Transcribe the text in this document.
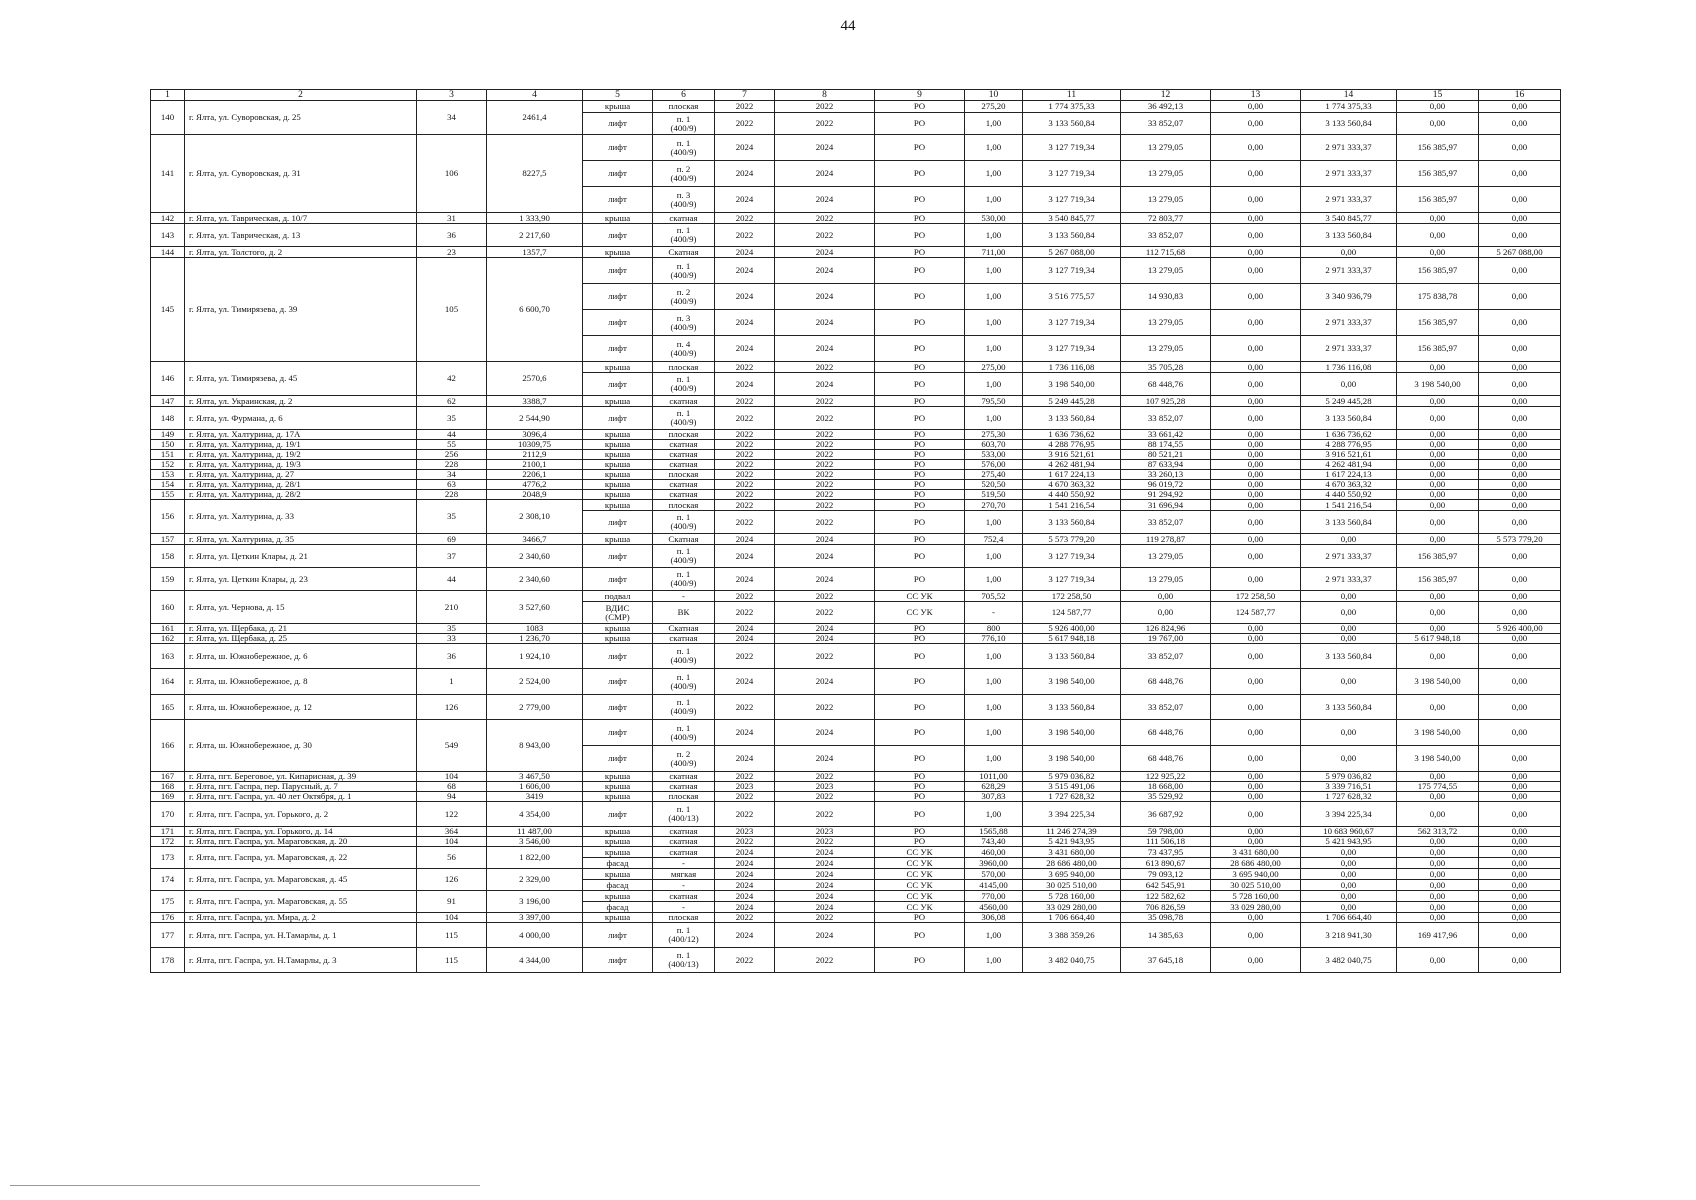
44
1	2	3	4	5	6	7	8	9	10	11	12	13	14	15	16
140	г. Ялта, ул. Суворовская, д. 25	34	2461,4	крыша	плоская	2022	2022	РО	275,20	1 774 375,33	36 492,13	0,00	1 774 375,33	0,00	0,00
				лифт	п. 1
(400/9)	2022	2022	РО	1,00	3 133 560,84	33 852,07	0,00	3 133 560,84	0,00	0,00
141	г. Ялта, ул. Суворовская, д. 31	106	8227,5	лифт	п. 1
(400/9)	2024	2024	РО	1,00	3 127 719,34	13 279,05	0,00	2 971 333,37	156 385,97	0,00
				лифт	п. 2
(400/9)	2024	2024	РО	1,00	3 127 719,34	13 279,05	0,00	2 971 333,37	156 385,97	0,00
				лифт	п. 3
(400/9)	2024	2024	РО	1,00	3 127 719,34	13 279,05	0,00	2 971 333,37	156 385,97	0,00
142	г. Ялта, ул. Таврическая, д. 10/7	31	1 333,90	крыша	скатная	2022	2022	РО	530,00	3 540 845,77	72 803,77	0,00	3 540 845,77	0,00	0,00
143	г. Ялта, ул. Таврическая, д. 13	36	2 217,60	лифт	п. 1
(400/9)	2022	2022	РО	1,00	3 133 560,84	33 852,07	0,00	3 133 560,84	0,00	0,00
144	г. Ялта, ул. Толстого, д. 2	23	1357,7	крыша	Скатная	2024	2024	РО	711,00	5 267 088,00	112 715,68	0,00	0,00	0,00	5 267 088,00
145	г. Ялта, ул. Тимирязева, д. 39	105	6 600,70	лифт	п. 1
(400/9)	2024	2024	РО	1,00	3 127 719,34	13 279,05	0,00	2 971 333,37	156 385,97	0,00
				лифт	п. 2
(400/9)	2024	2024	РО	1,00	3 516 775,57	14 930,83	0,00	3 340 936,79	175 838,78	0,00
				лифт	п. 3
(400/9)	2024	2024	РО	1,00	3 127 719,34	13 279,05	0,00	2 971 333,37	156 385,97	0,00
				лифт	п. 4
(400/9)	2024	2024	РО	1,00	3 127 719,34	13 279,05	0,00	2 971 333,37	156 385,97	0,00
146	г. Ялта, ул. Тимирязева, д. 45	42	2570,6	крыша	плоская	2022	2022	РО	275,00	1 736 116,08	35 705,28	0,00	1 736 116,08	0,00	0,00
				лифт	п. 1
(400/9)	2024	2024	РО	1,00	3 198 540,00	68 448,76	0,00	0,00	3 198 540,00	0,00
147	г. Ялта, ул. Украинская, д. 2	62	3388,7	крыша	скатная	2022	2022	РО	795,50	5 249 445,28	107 925,28	0,00	5 249 445,28	0,00	0,00
148	г. Ялта, ул. Фурмана, д. 6	35	2 544,90	лифт	п. 1
(400/9)	2022	2022	РО	1,00	3 133 560,84	33 852,07	0,00	3 133 560,84	0,00	0,00
149	г. Ялта, ул. Халтурина, д. 17А	44	3096,4	крыша	плоская	2022	2022	РО	275,30	1 636 736,62	33 661,42	0,00	1 636 736,62	0,00	0,00
150	г. Ялта, ул. Халтурина, д. 19/1	55	10309,75	крыша	скатная	2022	2022	РО	603,70	4 288 776,95	88 174,55	0,00	4 288 776,95	0,00	0,00
151	г. Ялта, ул. Халтурина, д. 19/2	256	2112,9	крыша	скатная	2022	2022	РО	533,00	3 916 521,61	80 521,21	0,00	3 916 521,61	0,00	0,00
152	г. Ялта, ул. Халтурина, д. 19/3	228	2100,1	крыша	скатная	2022	2022	РО	576,00	4 262 481,94	87 633,94	0,00	4 262 481,94	0,00	0,00
153	г. Ялта, ул. Халтурина, д. 27	34	2206,1	крыша	плоская	2022	2022	РО	275,40	1 617 224,13	33 260,13	0,00	1 617 224,13	0,00	0,00
154	г. Ялта, ул. Халтурина, д. 28/1	63	4776,2	крыша	скатная	2022	2022	РО	520,50	4 670 363,32	96 019,72	0,00	4 670 363,32	0,00	0,00
155	г. Ялта, ул. Халтурина, д. 28/2	228	2048,9	крыша	скатная	2022	2022	РО	519,50	4 440 550,92	91 294,92	0,00	4 440 550,92	0,00	0,00
156	г. Ялта, ул. Халтурина, д. 33	35	2 308,10	крыша	плоская	2022	2022	РО	270,70	1 541 216,54	31 696,94	0,00	1 541 216,54	0,00	0,00
				лифт	п. 1
(400/9)	2022	2022	РО	1,00	3 133 560,84	33 852,07	0,00	3 133 560,84	0,00	0,00
157	г. Ялта, ул. Халтурина, д. 35	69	3466,7	крыша	Скатная	2024	2024	РО	752,4	5 573 779,20	119 278,87	0,00	0,00	0,00	5 573 779,20
158	г. Ялта, ул. Цеткин Клары, д. 21	37	2 340,60	лифт	п. 1
(400/9)	2024	2024	РО	1,00	3 127 719,34	13 279,05	0,00	2 971 333,37	156 385,97	0,00
159	г. Ялта, ул. Цеткин Клары, д. 23	44	2 340,60	лифт	п. 1
(400/9)	2024	2024	РО	1,00	3 127 719,34	13 279,05	0,00	2 971 333,37	156 385,97	0,00
160	г. Ялта, ул. Чернова, д. 15	210	3 527,60	подвал	-	2022	2022	СС УК	705,52	172 258,50	0,00	172 258,50	0,00	0,00	0,00
				ВДИС
(СМР)	ВК	2022	2022	СС УК	-	124 587,77	0,00	124 587,77	0,00	0,00	0,00
161	г. Ялта, ул. Щербака, д. 21	35	1083	крыша	Скатная	2024	2024	РО	800	5 926 400,00	126 824,96	0,00	0,00	0,00	5 926 400,00
162	г. Ялта, ул. Щербака, д. 25	33	1 236,70	крыша	скатная	2024	2024	РО	776,10	5 617 948,18	19 767,00	0,00	0,00	5 617 948,18	0,00
163	г. Ялта, ш. Южнобережное, д. 6	36	1 924,10	лифт	п. 1
(400/9)	2022	2022	РО	1,00	3 133 560,84	33 852,07	0,00	3 133 560,84	0,00	0,00
164	г. Ялта, ш. Южнобережное, д. 8	1	2 524,00	лифт	п. 1
(400/9)	2024	2024	РО	1,00	3 198 540,00	68 448,76	0,00	0,00	3 198 540,00	0,00
165	г. Ялта, ш. Южнобережное, д. 12	126	2 779,00	лифт	п. 1
(400/9)	2022	2022	РО	1,00	3 133 560,84	33 852,07	0,00	3 133 560,84	0,00	0,00
166	г. Ялта, ш. Южнобережное, д. 30	549	8 943,00	лифт	п. 1
(400/9)	2024	2024	РО	1,00	3 198 540,00	68 448,76	0,00	0,00	3 198 540,00	0,00
				лифт	п. 2
(400/9)	2024	2024	РО	1,00	3 198 540,00	68 448,76	0,00	0,00	3 198 540,00	0,00
167	г. Ялта, пгт. Береговое, ул. Кипарисная, д. 39	104	3 467,50	крыша	скатная	2022	2022	РО	1011,00	5 979 036,82	122 925,22	0,00	5 979 036,82	0,00	0,00
168	г. Ялта, пгт. Гаспра, пер. Парусный, д. 7	68	1 606,00	крыша	скатная	2023	2023	РО	628,29	3 515 491,06	18 668,00	0,00	3 339 716,51	175 774,55	0,00
169	г. Ялта, пгт. Гаспра, ул. 40 лет Октября, д. 1	94	3419	крыша	плоская	2022	2022	РО	307,83	1 727 628,32	35 529,92	0,00	1 727 628,32	0,00	0,00
170	г. Ялта, пгт. Гаспра, ул. Горького, д. 2	122	4 354,00	лифт	п. 1
(400/13)	2022	2022	РО	1,00	3 394 225,34	36 687,92	0,00	3 394 225,34	0,00	0,00
171	г. Ялта, пгт. Гаспра, ул. Горького, д. 14	364	11 487,00	крыша	скатная	2023	2023	РО	1565,88	11 246 274,39	59 798,00	0,00	10 683 960,67	562 313,72	0,00
172	г. Ялта, пгт. Гаспра, ул. Мараговская, д. 20	104	3 546,00	крыша	скатная	2022	2022	РО	743,40	5 421 943,95	111 506,18	0,00	5 421 943,95	0,00	0,00
173	г. Ялта, пгт. Гаспра, ул. Мараговская, д. 22	56	1 822,00	крыша	скатная	2024	2024	СС УК	460,00	3 431 680,00	73 437,95	3 431 680,00	0,00	0,00	0,00
				фасад	-	2024	2024	СС УК	3960,00	28 686 480,00	613 890,67	28 686 480,00	0,00	0,00	0,00
174	г. Ялта, пгт. Гаспра, ул. Мараговская, д. 45	126	2 329,00	крыша	мягкая	2024	2024	СС УК	570,00	3 695 940,00	79 093,12	3 695 940,00	0,00	0,00	0,00
				фасад	-	2024	2024	СС УК	4145,00	30 025 510,00	642 545,91	30 025 510,00	0,00	0,00	0,00
175	г. Ялта, пгт. Гаспра, ул. Мараговская, д. 55	91	3 196,00	крыша	скатная	2024	2024	СС УК	770,00	5 728 160,00	122 582,62	5 728 160,00	0,00	0,00	0,00
				фасад	-	2024	2024	СС УК	4560,00	33 029 280,00	706 826,59	33 029 280,00	0,00	0,00	0,00
176	г. Ялта, пгт. Гаспра, ул. Мира, д. 2	104	3 397,00	крыша	плоская	2022	2022	РО	306,08	1 706 664,40	35 098,78	0,00	1 706 664,40	0,00	0,00
177	г. Ялта, пгт. Гаспра, ул. Н.Тамарлы, д. 1	115	4 000,00	лифт	п. 1
(400/12)	2024	2024	РО	1,00	3 388 359,26	14 385,63	0,00	3 218 941,30	169 417,96	0,00
178	г. Ялта, пгт. Гаспра, ул. Н.Тамарлы, д. 3	115	4 344,00	лифт	п. 1
(400/13)	2022	2022	РО	1,00	3 482 040,75	37 645,18	0,00	3 482 040,75	0,00	0,00
